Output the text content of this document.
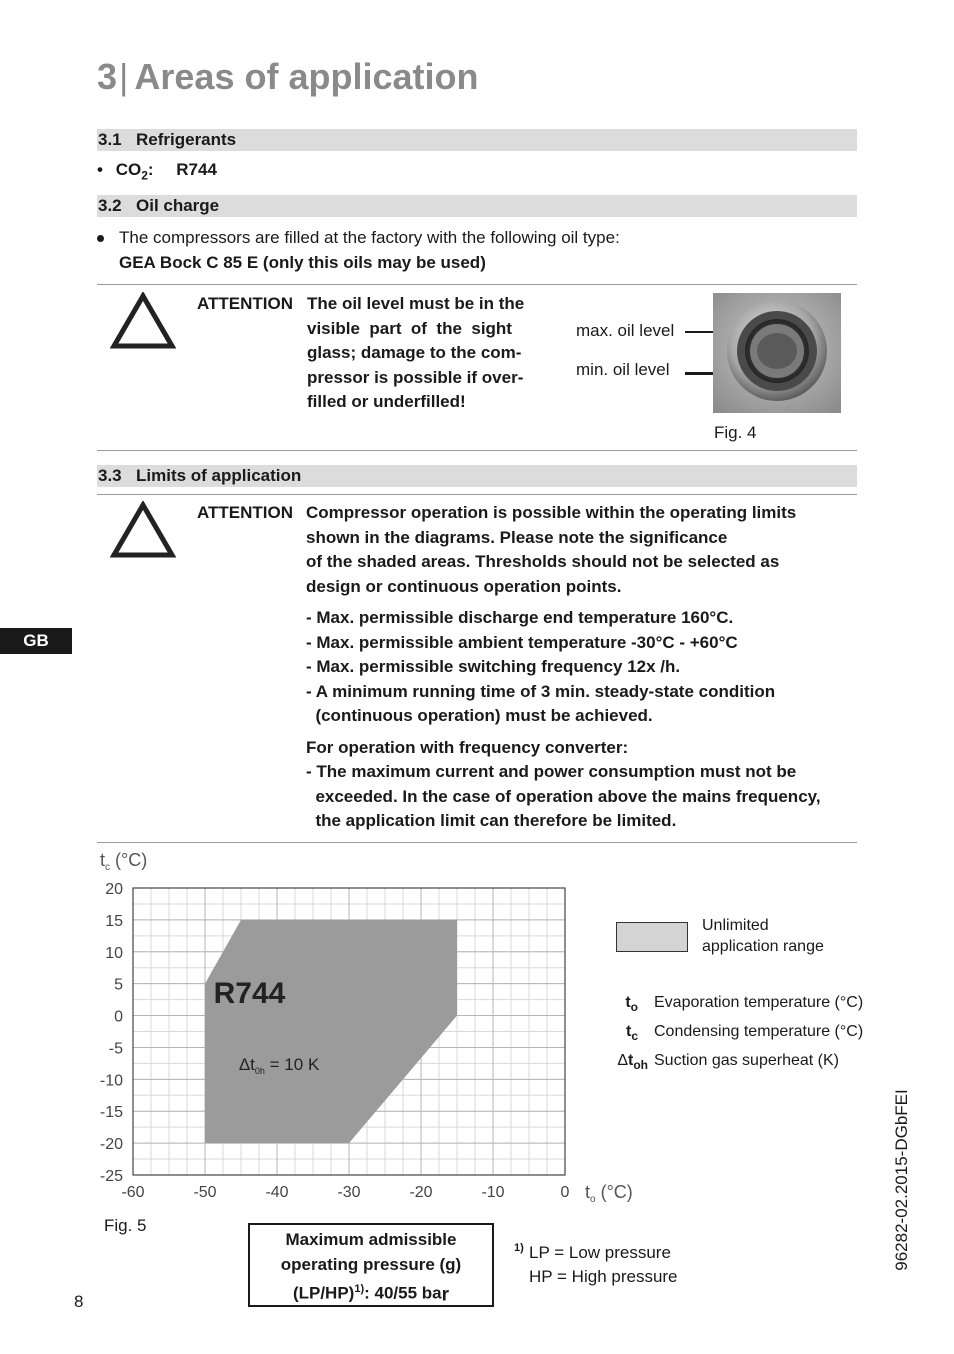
3| Areas of application
3.1 Refrigerants
• $CO_2$: R744
3.2 Oil charge
The compressors are filled at the factory with the following oil type:
GEA Bock C 85 E (only this oils may be used)
ATTENTION The oil level must be in the
visible  part  of  the  sight
glass; damage to the com-
pressor is possible if over-
filled or underfilled!
max. oil level
min. oil level
Fig. 4
3.3 Limits of application
ATTENTION Compressor operation is possible within the operating limits
shown in the diagrams. Please note the significance
of the shaded areas. Thresholds should not be selected as
design or continuous operation points.
- Max. permissible discharge end temperature 160°C.
- Max. permissible ambient temperature -30°C - +60°C
- Max. permissible switching frequency 12x /h.
- A minimum running time of 3 min. steady-state condition
(continuous operation) must be achieved.
For operation with frequency converter:
- The maximum current and power consumption must not be
exceeded. In the case of operation above the mains frequency,
the application limit can therefore be limited.
-60	-50	-40	-30	-20	-10	0
20
15
10
5
0
-5
-10
-15
-20
-25
$t_c$ (°C)
$t_o$ (°C)
R744
$\Delta t_{0h} = 10$ K
Unlimited
application range
$t_o$ Evaporation temperature (°C)
$t_c$ Condensing temperature (°C)
$\Delta t_{oh}$ Suction gas superheat (K)
Fig. 5
Maximum admissible
operating pressure (g)
$(LP/HP)^{1)}$: 40/55 bar
1) LP = Low pressure
HP = High pressure
GB
96282-02.2015-DGbFEI
8
